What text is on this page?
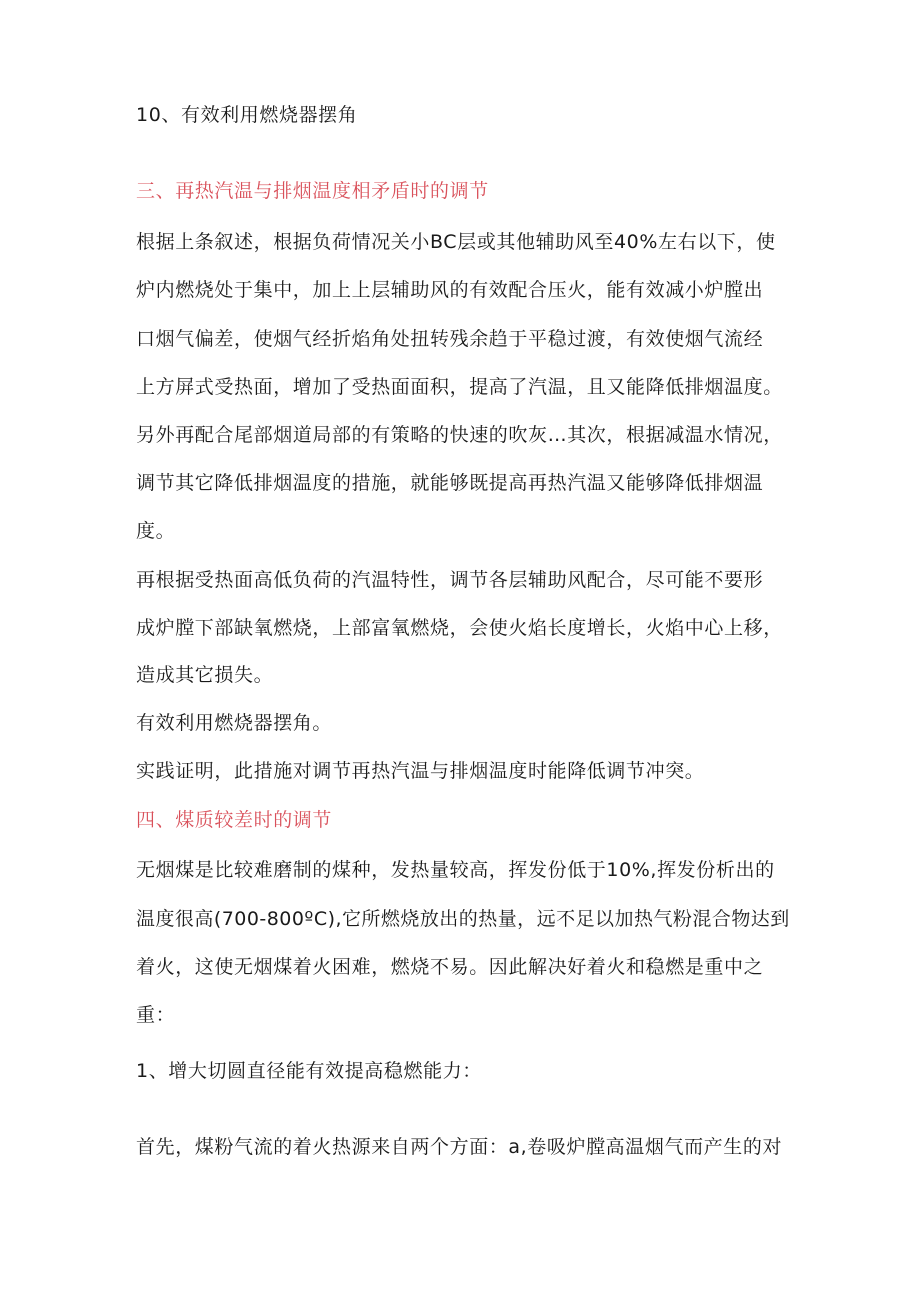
10、有效利用燃烧器摆角
三、再热汽温与排烟温度相矛盾时的调节
根据上条叙述，根据负荷情况关小BC层或其他辅助风至40%左右以下，使
炉内燃烧处于集中，加上上层辅助风的有效配合压火，能有效减小炉膛出
口烟气偏差，使烟气经折焰角处扭转残余趋于平稳过渡，有效使烟气流经
上方屏式受热面，增加了受热面面积，提高了汽温，且又能降低排烟温度。
另外再配合尾部烟道局部的有策略的快速的吹灰…其次，根据减温水情况，
调节其它降低排烟温度的措施，就能够既提高再热汽温又能够降低排烟温
度。
再根据受热面高低负荷的汽温特性，调节各层辅助风配合，尽可能不要形
成炉膛下部缺氧燃烧，上部富氧燃烧，会使火焰长度增长，火焰中心上移，
造成其它损失。
有效利用燃烧器摆角。
实践证明，此措施对调节再热汽温与排烟温度时能降低调节冲突。
四、煤质较差时的调节
无烟煤是比较难磨制的煤种，发热量较高，挥发份低于10%,挥发份析出的
温度很高(700-800ºC),它所燃烧放出的热量，远不足以加热气粉混合物达到
着火，这使无烟煤着火困难，燃烧不易。因此解决好着火和稳燃是重中之
重：
1、增大切圆直径能有效提高稳燃能力：
首先，煤粉气流的着火热源来自两个方面：a,卷吸炉膛高温烟气而产生的对
